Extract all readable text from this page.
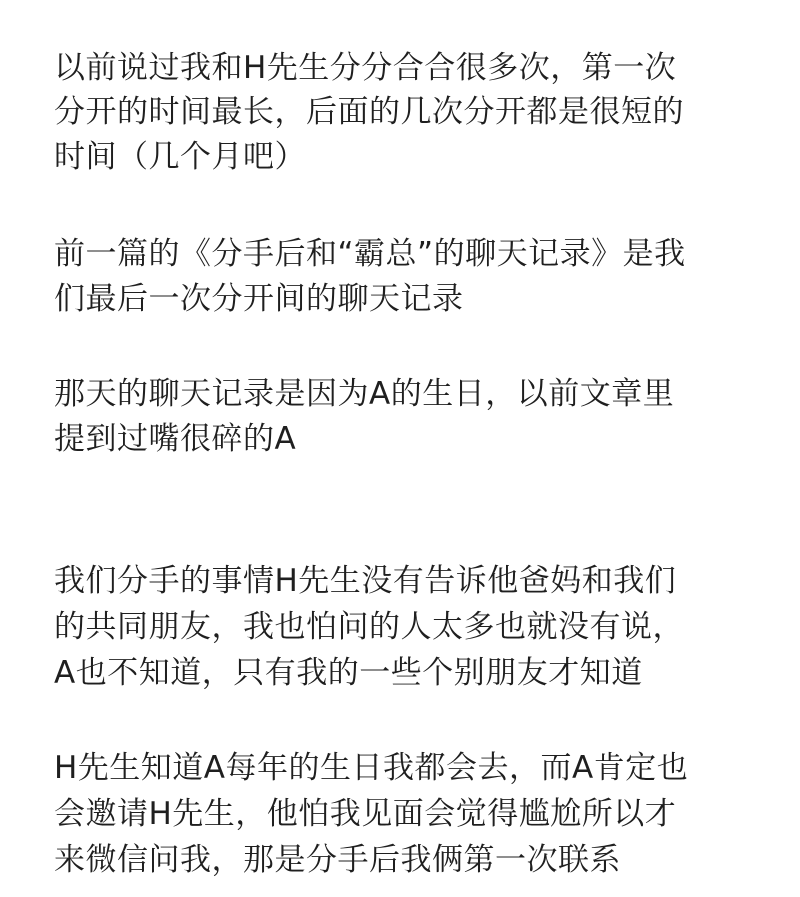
以前说过我和H先生分分合合很多次，第一次
分开的时间最长，后面的几次分开都是很短的
时间（几个月吧）
前一篇的《分手后和“霸总”的聊天记录》是我
们最后一次分开间的聊天记录
那天的聊天记录是因为A的生日，以前文章里
提到过嘴很碎的A
我们分手的事情H先生没有告诉他爸妈和我们
的共同朋友，我也怕问的人太多也就没有说，
A也不知道，只有我的一些个别朋友才知道
H先生知道A每年的生日我都会去，而A肯定也
会邀请H先生，他怕我见面会觉得尴尬所以才
来微信问我，那是分手后我俩第一次联系
